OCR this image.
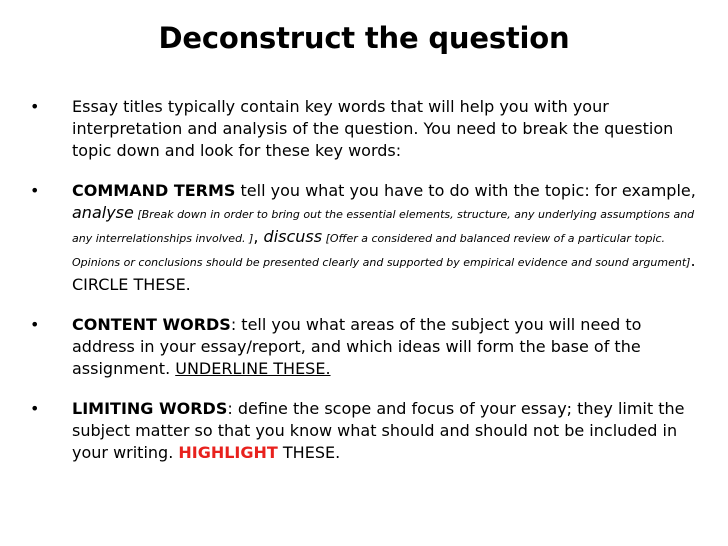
Deconstruct the question
• Essay titles typically contain key words that will help you with your interpretation and analysis of the question. You need to break the question topic down and look for these key words:
• COMMAND TERMS tell you what you have to do with the topic: for example, analyse [Break down in order to bring out the essential elements, structure, any underlying assumptions and any interrelationships involved. ], discuss [Offer a considered and balanced review of a particular topic. Opinions or conclusions should be presented clearly and supported by empirical evidence and sound argument]. CIRCLE THESE.
• CONTENT WORDS: tell you what areas of the subject you will need to address in your essay/report, and which ideas will form the base of the assignment. UNDERLINE THESE.
• LIMITING WORDS: define the scope and focus of your essay; they limit the subject matter so that you know what should and should not be included in your writing. HIGHLIGHT THESE.
